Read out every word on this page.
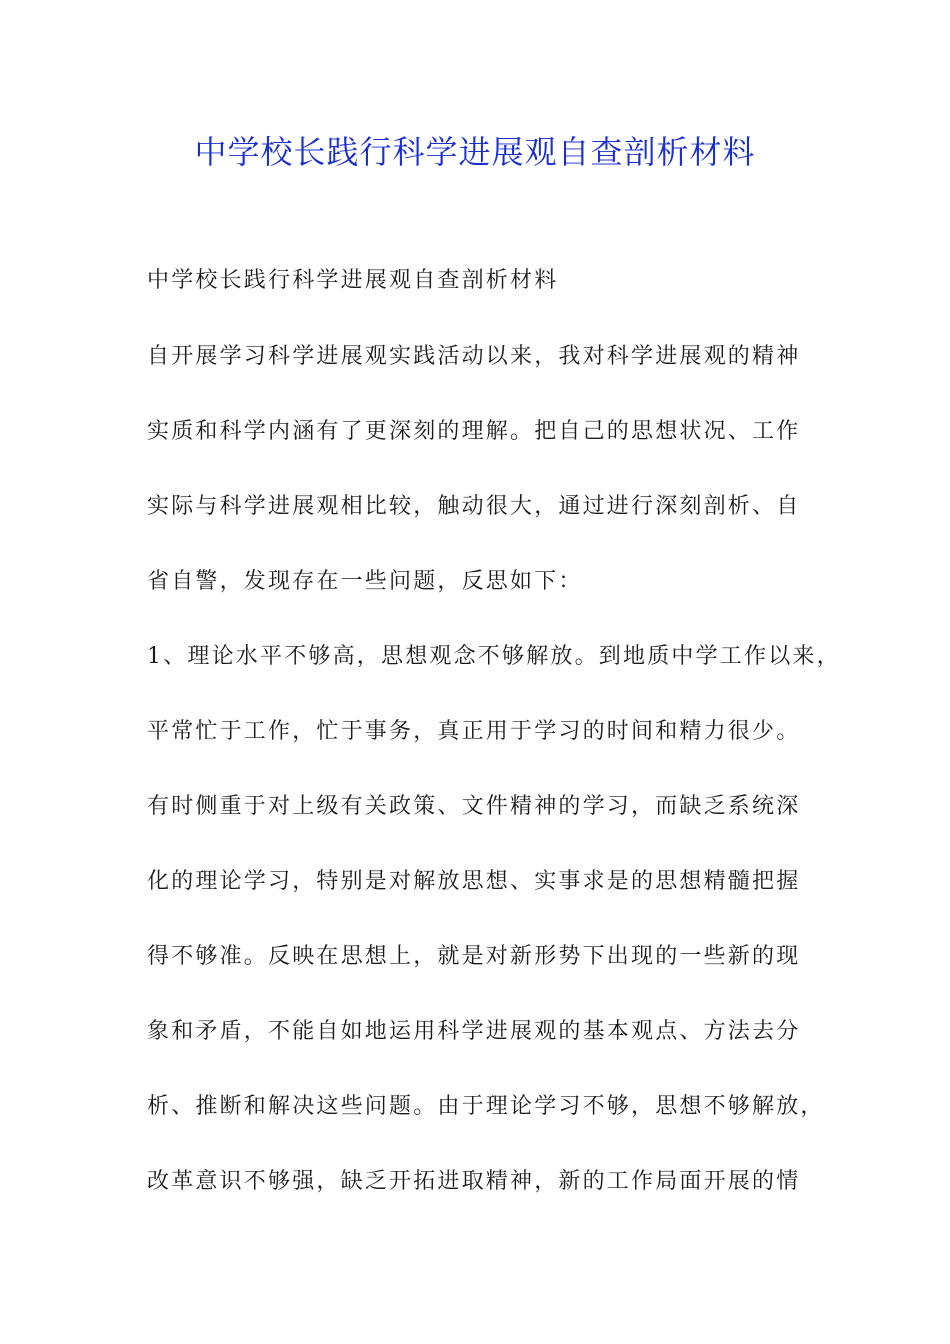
中学校长践行科学进展观自查剖析材料

中学校长践行科学进展观自查剖析材料

自开展学习科学进展观实践活动以来，我对科学进展观的精神

实质和科学内涵有了更深刻的理解。把自己的思想状况、工作

实际与科学进展观相比较，触动很大，通过进行深刻剖析、自

省自警，发现存在一些问题，反思如下：

1、理论水平不够高，思想观念不够解放。到地质中学工作以来，

平常忙于工作，忙于事务，真正用于学习的时间和精力很少。

有时侧重于对上级有关政策、文件精神的学习，而缺乏系统深

化的理论学习，特别是对解放思想、实事求是的思想精髓把握

得不够准。反映在思想上，就是对新形势下出现的一些新的现

象和矛盾，不能自如地运用科学进展观的基本观点、方法去分

析、推断和解决这些问题。由于理论学习不够，思想不够解放，

改革意识不够强，缺乏开拓进取精神，新的工作局面开展的情
